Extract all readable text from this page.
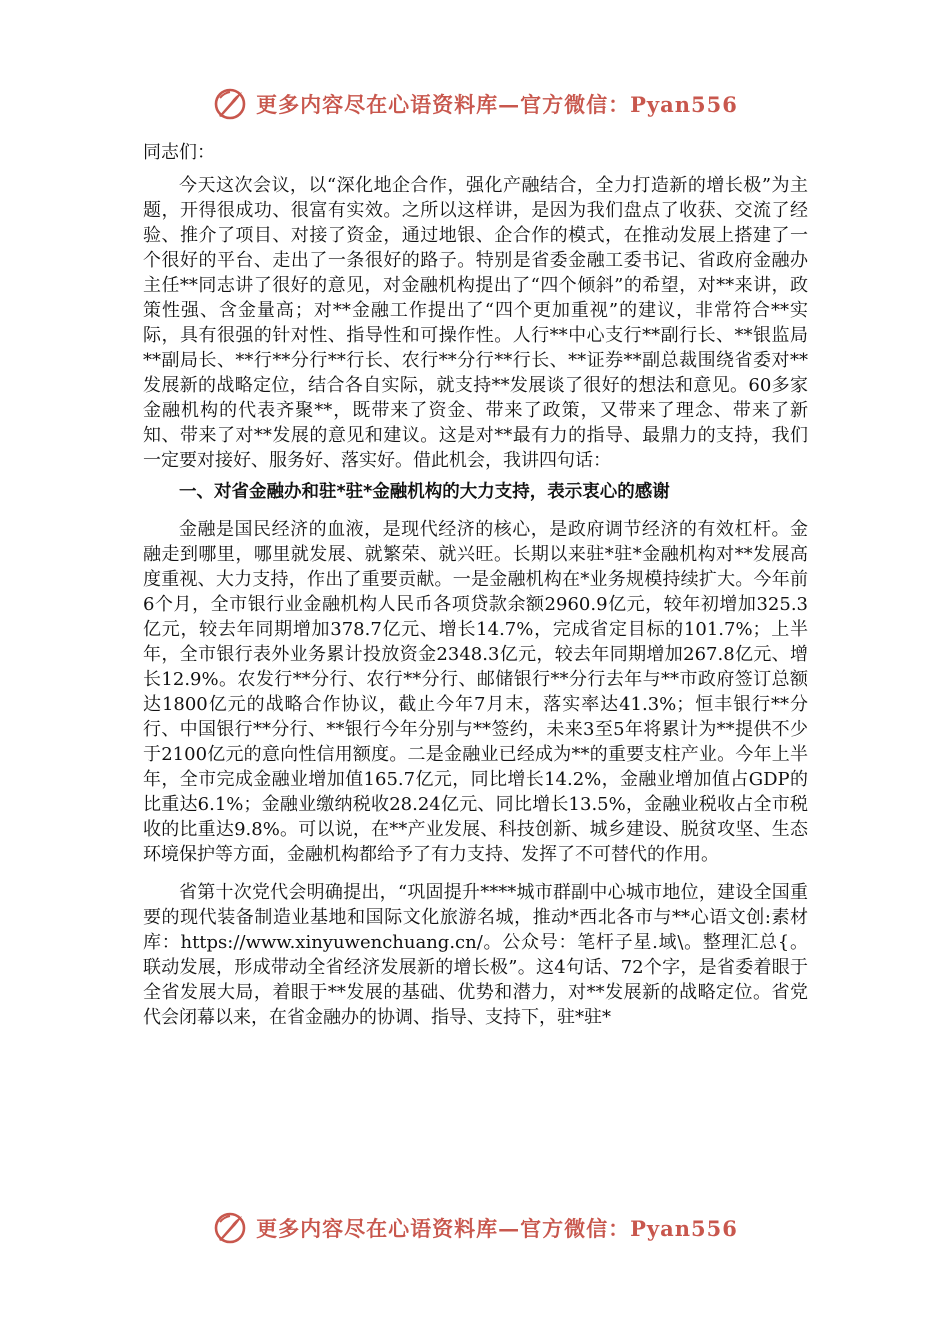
更多内容尽在心语资料库—官方微信：Pyan556

同志们：

今天这次会议，以“深化地企合作，强化产融结合，全力打造新的增长极”为主题，开得很成功、很富有实效。之所以这样讲，是因为我们盘点了收获、交流了经验、推介了项目、对接了资金，通过地银、企合作的模式，在推动发展上搭建了一个很好的平台、走出了一条很好的路子。特别是省委金融工委书记、省政府金融办主任**同志讲了很好的意见，对金融机构提出了“四个倾斜”的希望，对**来讲，政策性强、含金量高；对**金融工作提出了“四个更加重视”的建议，非常符合**实际，具有很强的针对性、指导性和可操作性。人行**中心支行**副行长、**银监局**副局长、**行**分行**行长、农行**分行**行长、**证券**副总裁围绕省委对**发展新的战略定位，结合各自实际，就支持**发展谈了很好的想法和意见。60多家金融机构的代表齐聚**，既带来了资金、带来了政策，又带来了理念、带来了新知、带来了对**发展的意见和建议。这是对**最有力的指导、最鼎力的支持，我们一定要对接好、服务好、落实好。借此机会，我讲四句话：

一、对省金融办和驻*驻*金融机构的大力支持，表示衷心的感谢

金融是国民经济的血液，是现代经济的核心，是政府调节经济的有效杠杆。金融走到哪里，哪里就发展、就繁荣、就兴旺。长期以来驻*驻*金融机构对**发展高度重视、大力支持，作出了重要贡献。一是金融机构在*业务规模持续扩大。今年前6个月，全市银行业金融机构人民币各项贷款余额2960.9亿元，较年初增加325.3亿元，较去年同期增加378.7亿元、增长14.7%，完成省定目标的101.7%；上半年，全市银行表外业务累计投放资金2348.3亿元，较去年同期增加267.8亿元、增长12.9%。农发行**分行、农行**分行、邮储银行**分行去年与**市政府签订总额达1800亿元的战略合作协议，截止今年7月末，落实率达41.3%；恒丰银行**分行、中国银行**分行、**银行今年分别与**签约，未来3至5年将累计为**提供不少于2100亿元的意向性信用额度。二是金融业已经成为**的重要支柱产业。今年上半年，全市完成金融业增加值165.7亿元，同比增长14.2%，金融业增加值占GDP的比重达6.1%；金融业缴纳税收28.24亿元、同比增长13.5%，金融业税收占全市税收的比重达9.8%。可以说，在**产业发展、科技创新、城乡建设、脱贫攻坚、生态环境保护等方面，金融机构都给予了有力支持、发挥了不可替代的作用。

省第十次党代会明确提出，“巩固提升****城市群副中心城市地位，建设全国重要的现代装备制造业基地和国际文化旅游名城，推动*西北各市与**心语文创:素材库：https://www.xinyuwenchuang.cn/。公众号：笔杆子星.域\。整理汇总{。联动发展，形成带动全省经济发展新的增长极”。这4句话、72个字，是省委着眼于全省发展大局，着眼于**发展的基础、优势和潜力，对**发展新的战略定位。省党代会闭幕以来，在省金融办的协调、指导、支持下，驻*驻*

更多内容尽在心语资料库—官方微信：Pyan556
